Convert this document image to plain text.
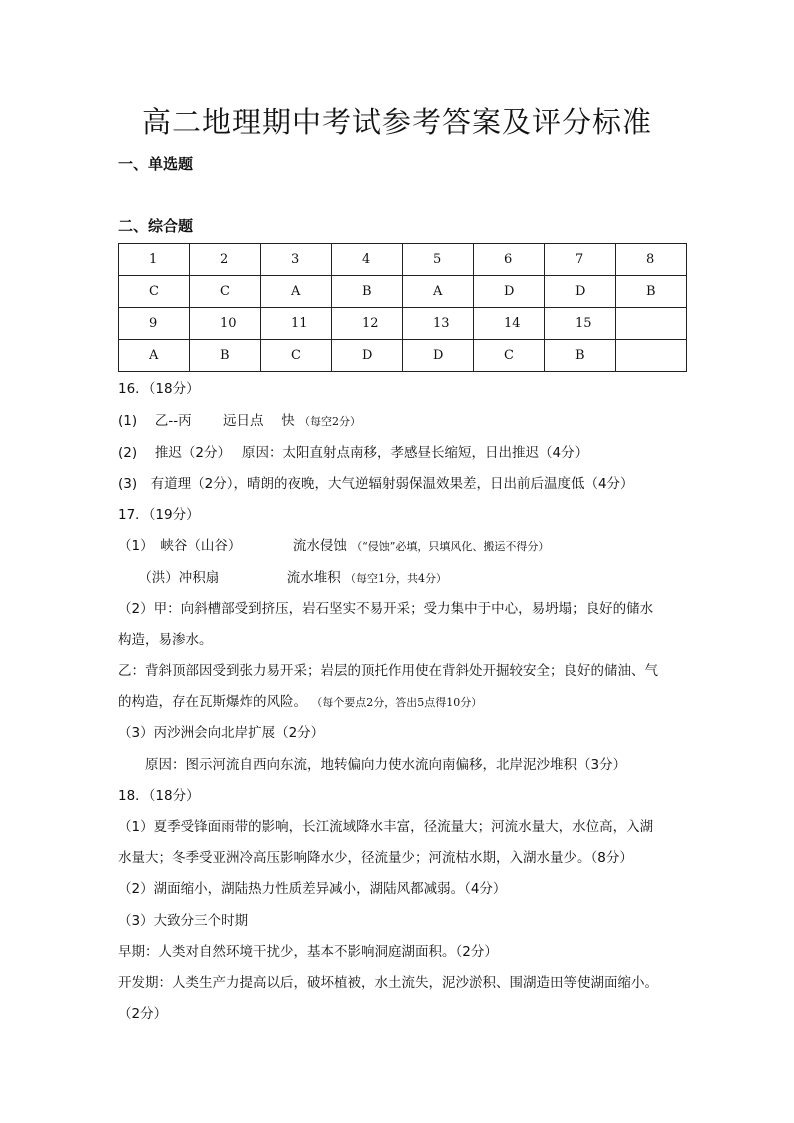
高二地理期中考试参考答案及评分标准
一、单选题
二、综合题
1	2	3	4	5	6	7	8
C	C	A	B	A	D	D	B
9	10	11	12	13	14	15	
A	B	C	D	D	C	B	
16．（18分）
(1)　 乙--丙　　 远日点　 快 （每空2分）
(2)　 推迟（2分）　 原因：太阳直射点南移，孝感昼长缩短，日出推迟（4分）
(3)　有道理（2分），晴朗的夜晚，大气逆辐射弱保温效果差，日出前后温度低（4分）
17．（19分）
（1）　峡谷（山谷）　　　　 流水侵蚀 （“侵蚀”必填，只填风化、搬运不得分）
　　（洪）冲积扇　　　　　流水堆积 （每空1分，共4分）
（2）甲：向斜槽部受到挤压，岩石坚实不易开采；受力集中于中心，易坍塌；良好的储水
构造，易渗水。
乙：背斜顶部因受到张力易开采；岩层的顶托作用使在背斜处开掘较安全；良好的储油、气
的构造，存在瓦斯爆炸的风险。 （每个要点2分，答出5点得10分）
（3）丙沙洲会向北岸扩展（2分）
　　原因：图示河流自西向东流，地转偏向力使水流向南偏移，北岸泥沙堆积（3分）
18．（18分）
（1）夏季受锋面雨带的影响，长江流域降水丰富，径流量大；河流水量大，水位高，入湖
水量大；冬季受亚洲冷高压影响降水少，径流量少；河流枯水期，入湖水量少。（8分）
（2）湖面缩小，湖陆热力性质差异减小，湖陆风都减弱。（4分）
（3）大致分三个时期
早期：人类对自然环境干扰少，基本不影响洞庭湖面积。（2分）
开发期：人类生产力提高以后，破坏植被，水土流失，泥沙淤积、围湖造田等使湖面缩小。
（2分）
